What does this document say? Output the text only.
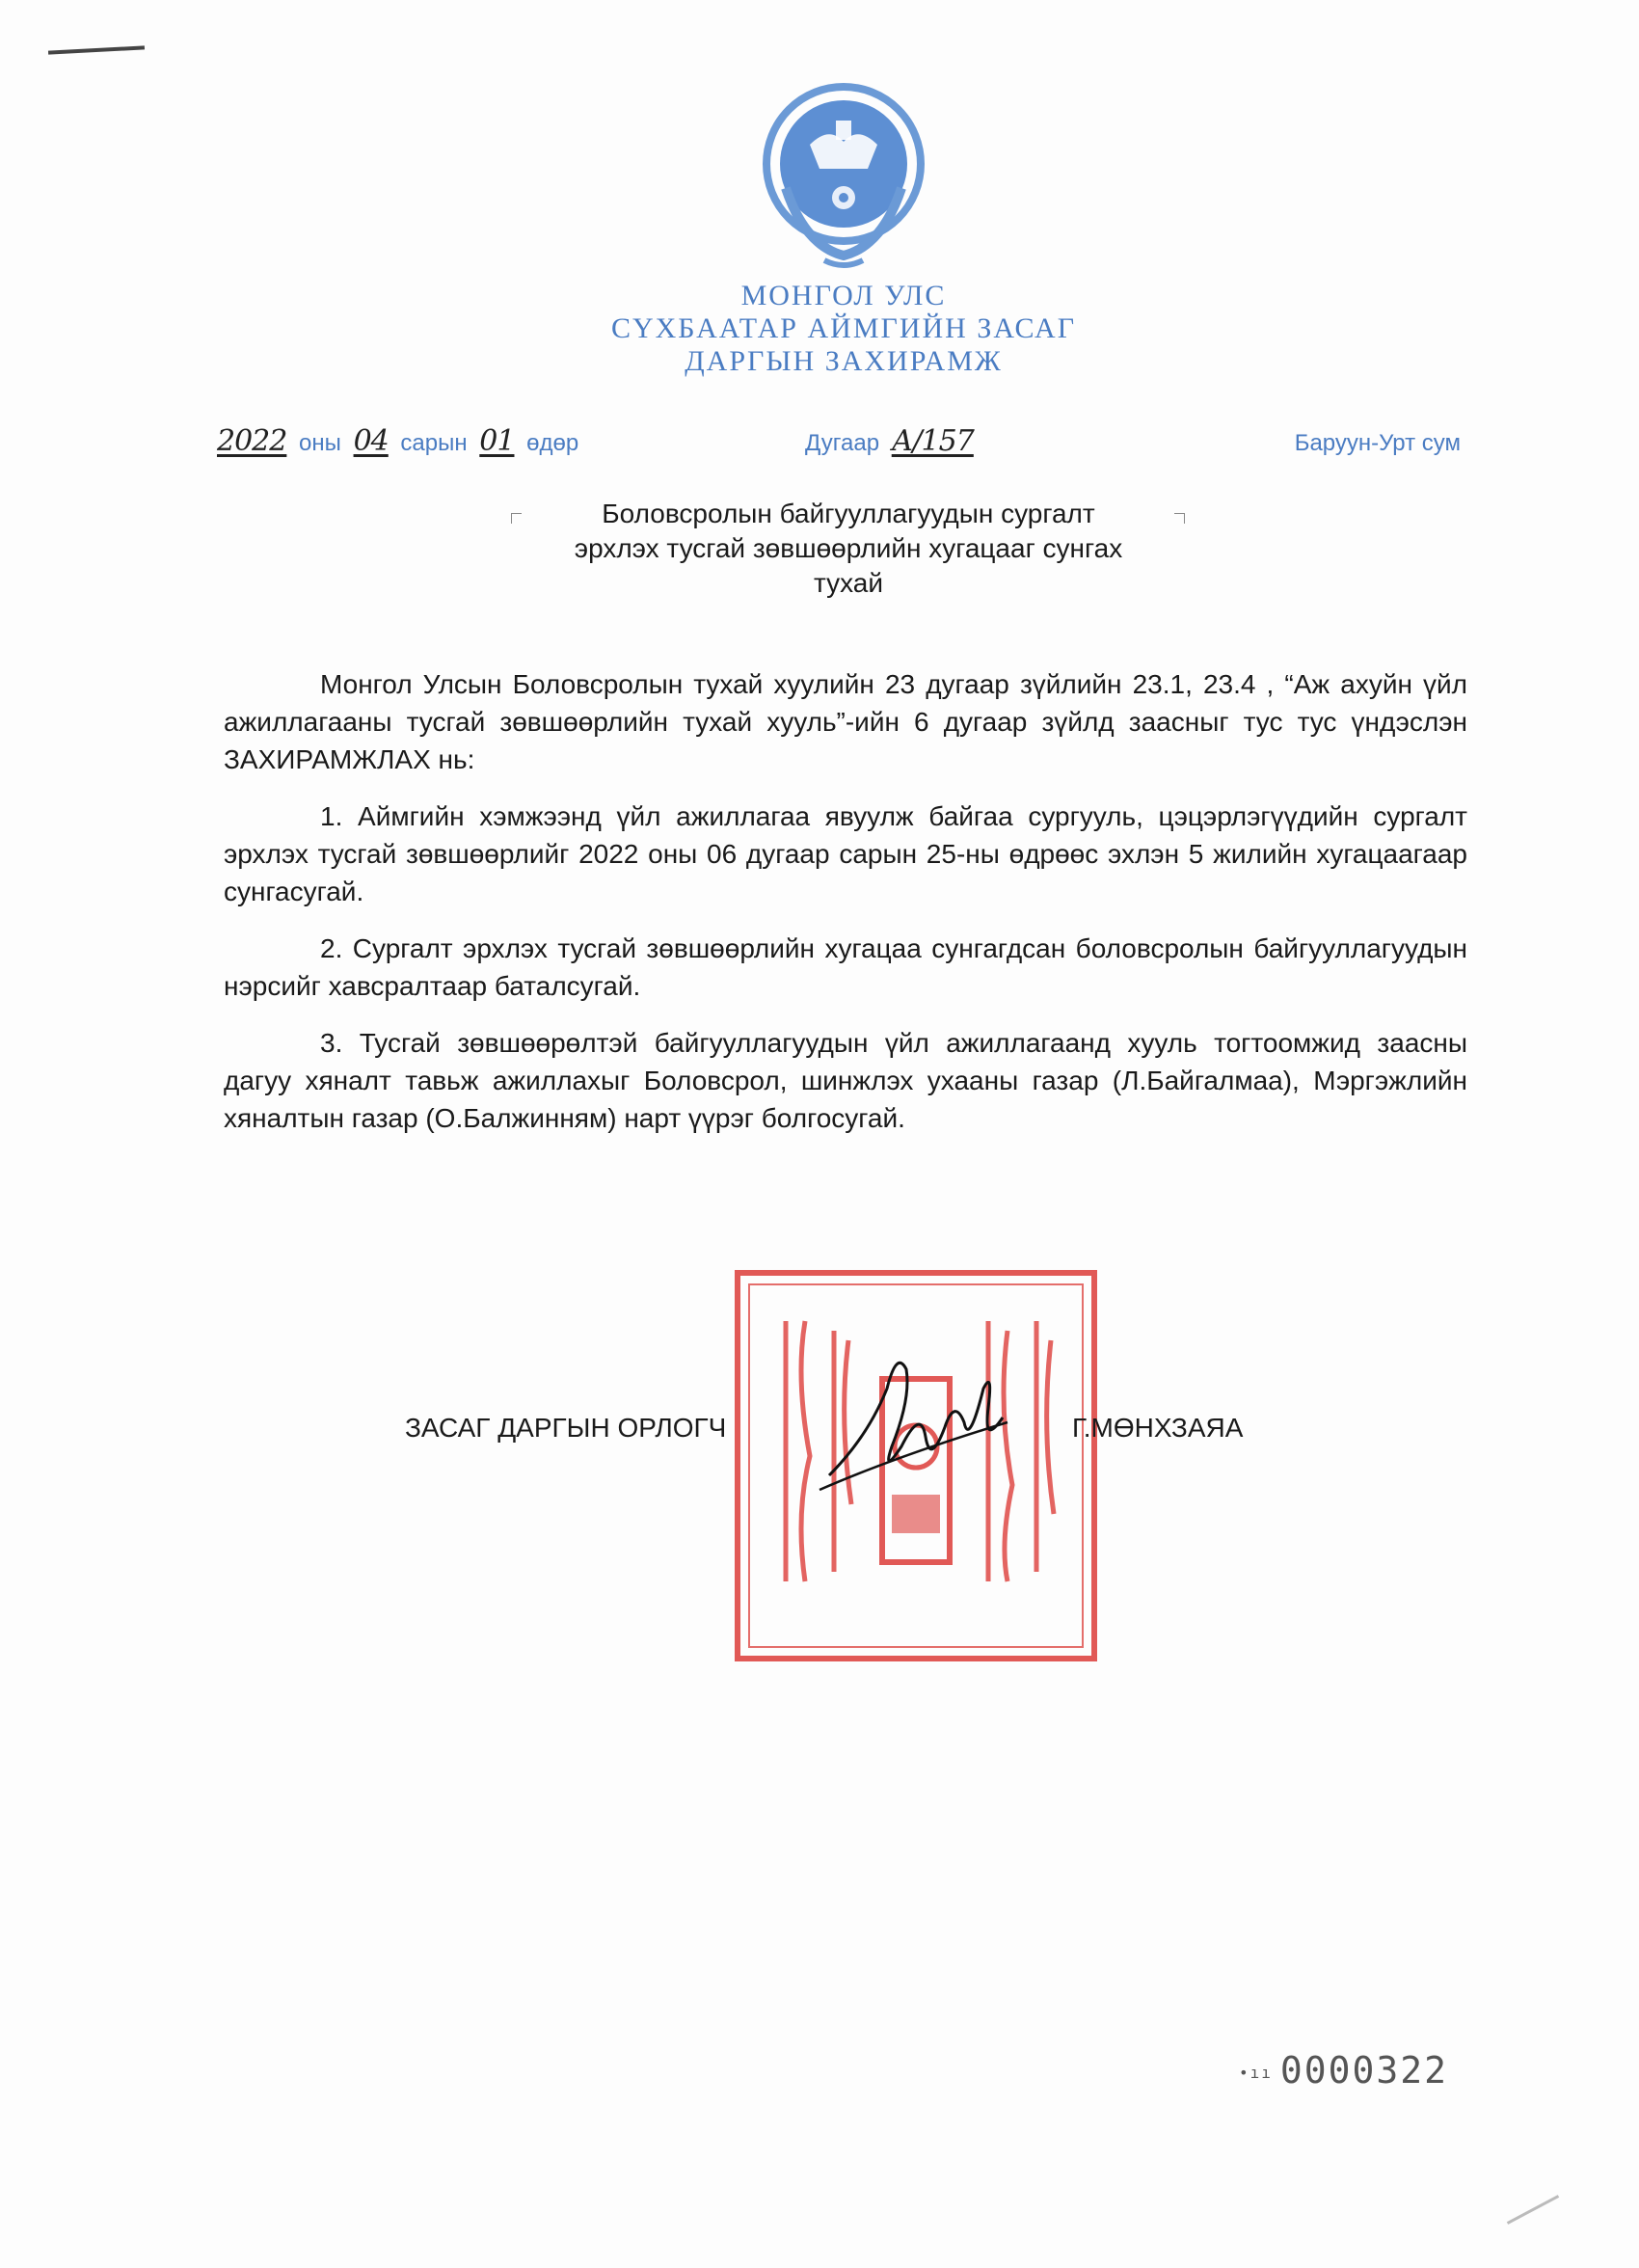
МОНГОЛ УЛС
СҮХБААТАР АЙМГИЙН ЗАСАГ
ДАРГЫН ЗАХИРАМЖ
2022 оны 04 сарын 01 өдөр	Дугаар А/157	Баруун-Урт сум
Боловсролын байгууллагуудын сургалт
эрхлэх тусгай зөвшөөрлийн хугацааг сунгах
тухай

Монгол Улсын Боловсролын тухай хуулийн 23 дугаар зүйлийн 23.1, 23.4 , “Аж ахуйн үйл ажиллагааны тусгай зөвшөөрлийн тухай хууль”-ийн 6 дугаар зүйлд заасныг тус тус үндэслэн ЗАХИРАМЖЛАХ нь:

1. Аймгийн хэмжээнд үйл ажиллагаа явуулж байгаа сургууль, цэцэрлэгүүдийн сургалт эрхлэх тусгай зөвшөөрлийг 2022 оны 06 дугаар сарын 25-ны өдрөөс эхлэн 5 жилийн хугацаагаар сунгасугай.

2. Сургалт эрхлэх тусгай зөвшөөрлийн хугацаа сунгагдсан боловсролын байгууллагуудын нэрсийг хавсралтаар баталсугай.

3. Тусгай зөвшөөрөлтэй байгууллагуудын үйл ажиллагаанд хууль тогтоомжид заасны дагуу хяналт тавьж ажиллахыг Боловсрол, шинжлэх ухааны газар (Л.Байгалмаа), Мэргэжлийн хяналтын газар (О.Балжинням) нарт үүрэг болгосугай.

ЗАСАГ ДАРГЫН ОРЛОГЧ	Г.МӨНХЗАЯА
•ıı 0000322
